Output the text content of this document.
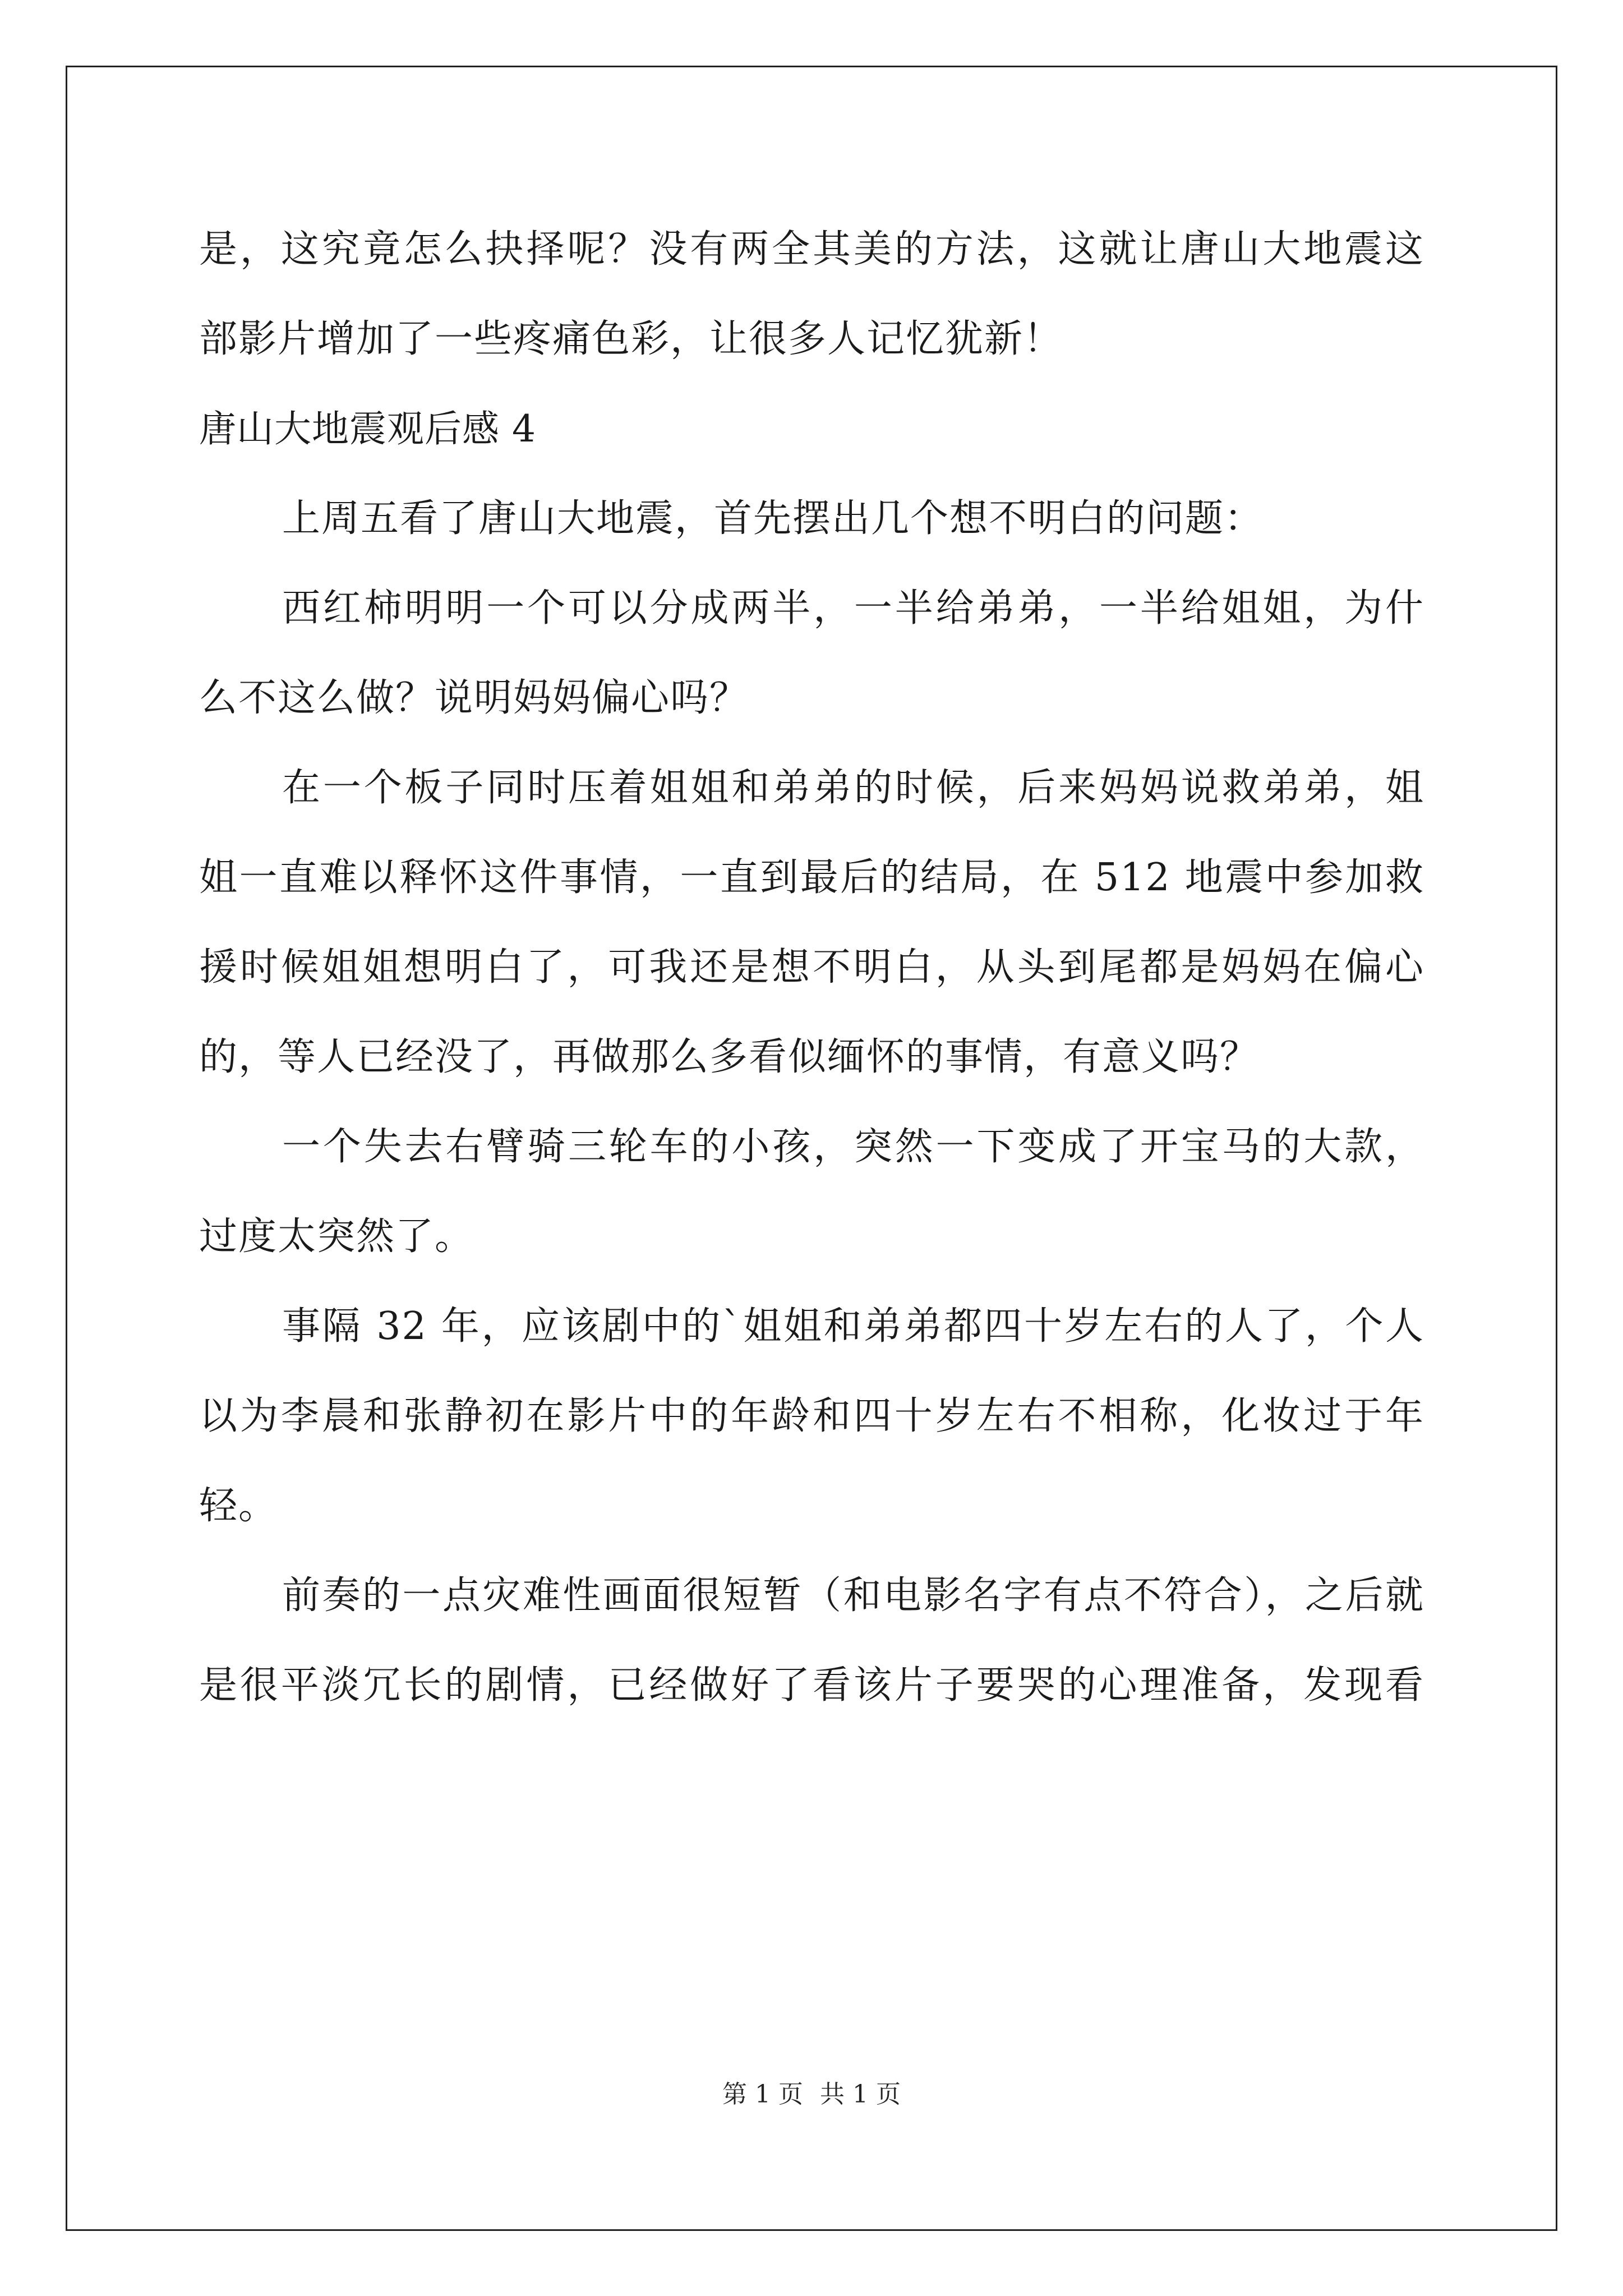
是，这究竟怎么抉择呢？没有两全其美的方法，这就让唐山大地震这
部影片增加了一些疼痛色彩，让很多人记忆犹新！
唐山大地震观后感 4
上周五看了唐山大地震，首先摆出几个想不明白的问题：
西红柿明明一个可以分成两半，一半给弟弟，一半给姐姐，为什
么不这么做？说明妈妈偏心吗？
在一个板子同时压着姐姐和弟弟的时候，后来妈妈说救弟弟，姐
姐一直难以释怀这件事情，一直到最后的结局，在 512 地震中参加救
援时候姐姐想明白了，可我还是想不明白，从头到尾都是妈妈在偏心
的，等人已经没了，再做那么多看似缅怀的事情，有意义吗？
一个失去右臂骑三轮车的小孩，突然一下变成了开宝马的大款，
过度太突然了。
事隔 32 年，应该剧中的`姐姐和弟弟都四十岁左右的人了，个人
以为李晨和张静初在影片中的年龄和四十岁左右不相称，化妆过于年
轻。
前奏的一点灾难性画面很短暂（和电影名字有点不符合），之后就
是很平淡冗长的剧情，已经做好了看该片子要哭的心理准备，发现看
第 1 页 共 1 页
